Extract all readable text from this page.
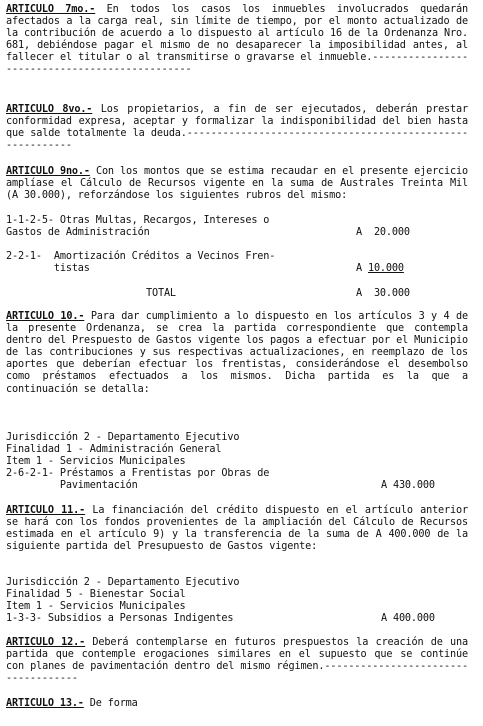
ARTICULO 7mo.- En todos los casos los inmuebles involucrados quedarán afectados a la carga real, sin límite de tiempo, por el monto actualizado de la contribución de acuerdo a lo dispuesto al artículo 16 de la Ordenanza Nro. 681, debiéndose pagar el mismo de no desaparecer la imposibilidad antes, al fallecer el titular o al transmitirse o gravarse el inmueble.-----------------------------------------------

ARTICULO 8vo.- Los propietarios, a fin de ser ejecutados, deberán prestar conformidad expresa, aceptar y formalizar la indisponibilidad del bien hasta que salde totalmente la deuda.----------------------------------------------------------

ARTICULO 9no.- Con los montos que se estima recaudar en el presente ejercicio amplíase el Cálculo de Recursos vigente en la suma de Australes Treinta Mil (A 30.000), reforzándose los siguientes rubros del mismo:

1-1-2-5- Otras Multas, Recargos, Intereses o
Gastos de Administración	A  20.000
2-2-1-  Amortización Créditos a Vecinos Fren-
tistas	A 10.000
TOTAL	A  30.000

ARTICULO 10.- Para dar cumplimiento a lo dispuesto en los artículos 3 y 4 de la presente Ordenanza, se crea la partida correspondiente que contempla dentro del Prespuesto de Gastos vigente los pagos a efectuar por el Municipio de las contribuciones y sus respectivas actualizaciones, en reemplazo de los aportes que deberían efectuar los frentistas, considerándose el desembolso como préstamos efectuados a los mismos. Dicha partida es la que a continuación se detalla:

Jurisdicción 2 - Departamento Ejecutivo
Finalidad 1 - Administración General
Item 1 - Servicios Municipales
2-6-2-1- Préstamos a Frentistas por Obras de
Pavimentación	A 430.000

ARTICULO 11.- La financiación del crédito dispuesto en el artículo anterior se hará con los fondos provenientes de la ampliación del Cálculo de Recursos estimada en el artículo 9) y la transferencia de la suma de A 400.000 de la siguiente partida del Presupuesto de Gastos vigente:

Jurisdicción 2 - Departamento Ejecutivo
Finalidad 5 - Bienestar Social
Item 1 - Servicios Municipales
1-3-3- Subsidios a Personas Indigentes	A 400.000

ARTICULO 12.- Deberá contemplarse en futuros prespuestos la creación de una partida que contemple erogaciones similares en el supuesto que se continúe con planes de pavimentación dentro del mismo régimen.------------------------------------

ARTICULO 13.- De forma
